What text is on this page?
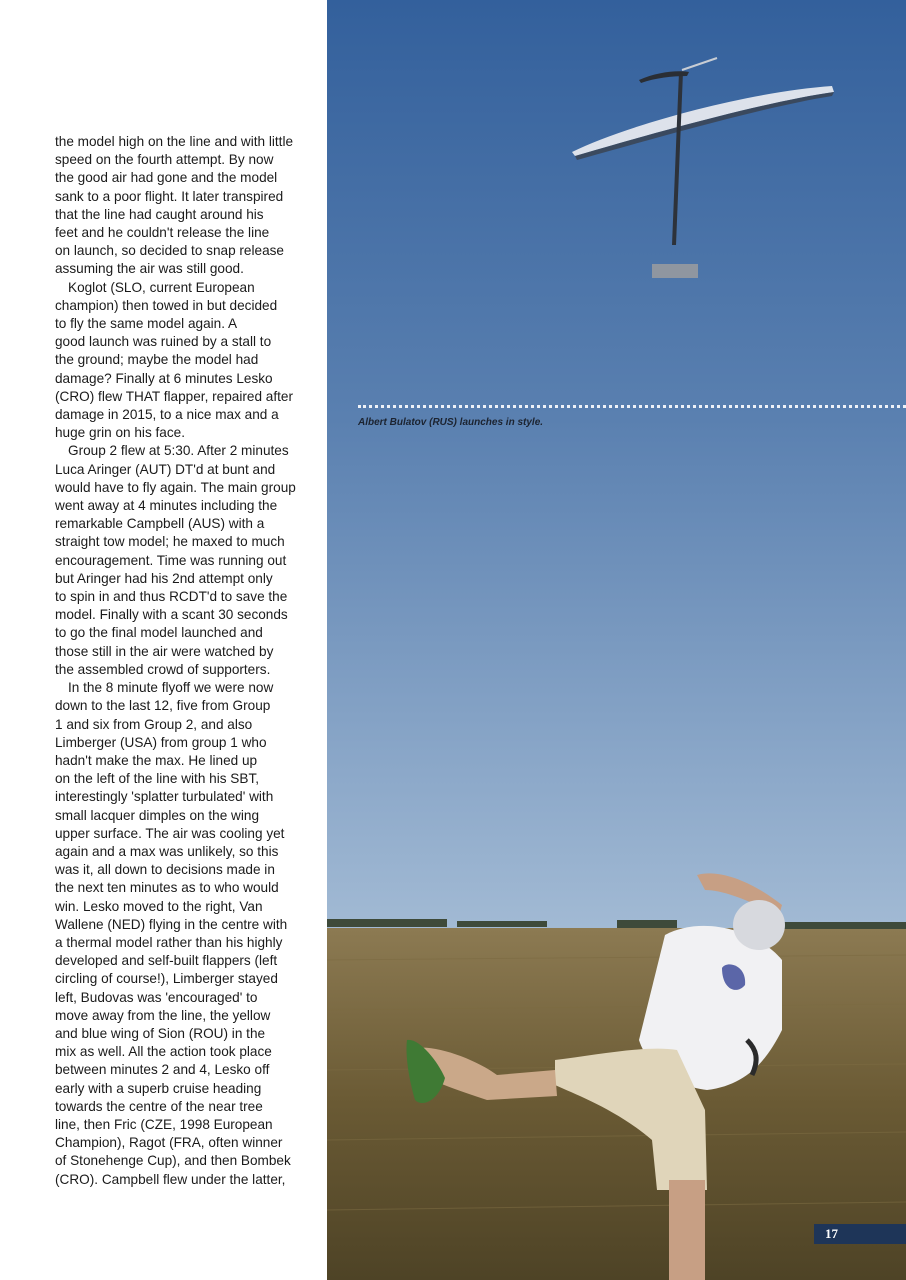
the model high on the line and with little
speed on the fourth attempt. By now
the good air had gone and the model
sank to a poor flight. It later transpired
that the line had caught around his
feet and he couldn't release the line
on launch, so decided to snap release
assuming the air was still good.

Koglot (SLO, current European
champion) then towed in but decided
to fly the same model again. A
good launch was ruined by a stall to
the ground; maybe the model had
damage? Finally at 6 minutes Lesko
(CRO) flew THAT flapper, repaired after
damage in 2015, to a nice max and a
huge grin on his face.

Group 2 flew at 5:30. After 2 minutes
Luca Aringer (AUT) DT'd at bunt and
would have to fly again. The main group
went away at 4 minutes including the
remarkable Campbell (AUS) with a
straight tow model; he maxed to much
encouragement. Time was running out
but Aringer had his 2nd attempt only
to spin in and thus RCDT'd to save the
model. Finally with a scant 30 seconds
to go the final model launched and
those still in the air were watched by
the assembled crowd of supporters.

In the 8 minute flyoff we were now
down to the last 12, five from Group
1 and six from Group 2, and also
Limberger (USA) from group 1 who
hadn't make the max. He lined up
on the left of the line with his SBT,
interestingly 'splatter turbulated' with
small lacquer dimples on the wing
upper surface. The air was cooling yet
again and a max was unlikely, so this
was it, all down to decisions made in
the next ten minutes as to who would
win. Lesko moved to the right, Van
Wallene (NED) flying in the centre with
a thermal model rather than his highly
developed and self-built flappers (left
circling of course!), Limberger stayed
left, Budovas was 'encouraged' to
move away from the line, the yellow
and blue wing of Sion (ROU) in the
mix as well. All the action took place
between minutes 2 and 4, Lesko off
early with a superb cruise heading
towards the centre of the near tree
line, then Fric (CZE, 1998 European
Champion), Ragot (FRA, often winner
of Stonehenge Cup), and then Bombek
(CRO). Campbell flew under the latter,

Albert Bulatov (RUS) launches in style.
17
